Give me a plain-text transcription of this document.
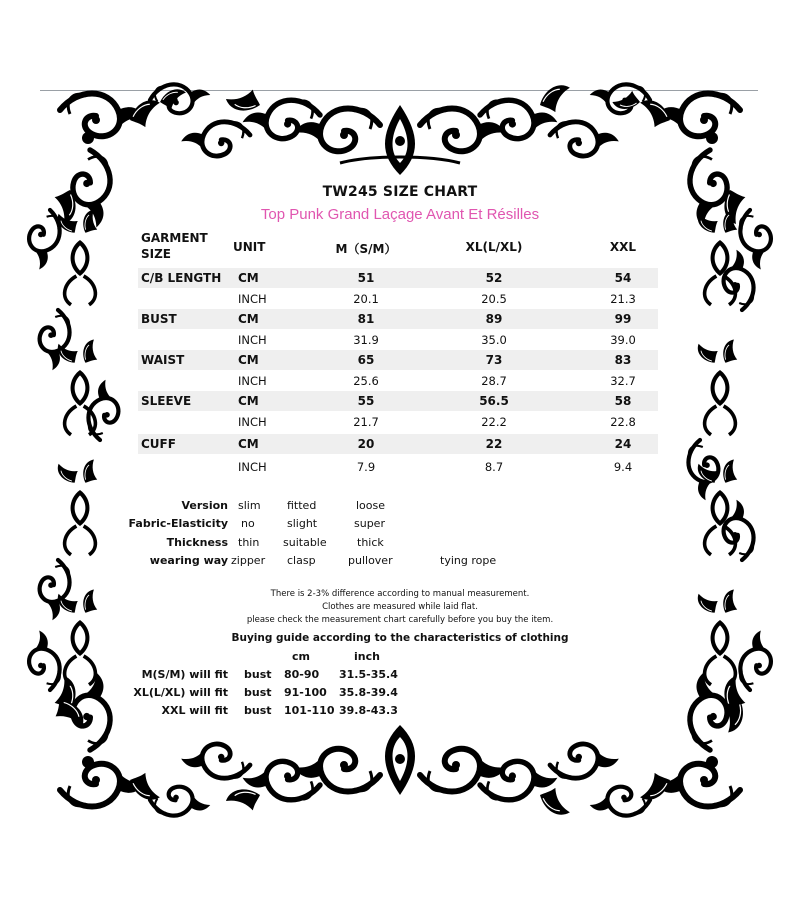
TW245 SIZE CHART
Top Punk Grand Laçage Avant Et Résilles
GARMENT SIZE	UNIT	M（S/M）	XL(L/XL)	XXL
C/B LENGTH CM	51	52	54
INCH	20.1	20.5	21.3
BUST	CM	81	89	99
INCH	31.9	35.0	39.0
WAIST	CM	65	73	83
INCH	25.6	28.7	32.7
SLEEVE	CM	55	56.5	58
INCH	21.7	22.2	22.8
CUFF	CM	20	22	24
INCH	7.9	8.7	9.4
Version slim fitted	loose
Fabric-Elasticity no	slight	super
Thickness thin suitable	thick
wearing way zipper clasp	pullover	tying rope
There is 2-3% difference according to manual measurement.
Clothes are measured while laid flat.
please check the measurement chart carefully before you buy the item.
Buying guide according to the characteristics of clothing
cm	inch
M(S/M) will fit bust 80-90 31.5-35.4
XL(L/XL) will fit bust 91-100 35.8-39.4
XXL will fit bust 101-110 39.8-43.3
